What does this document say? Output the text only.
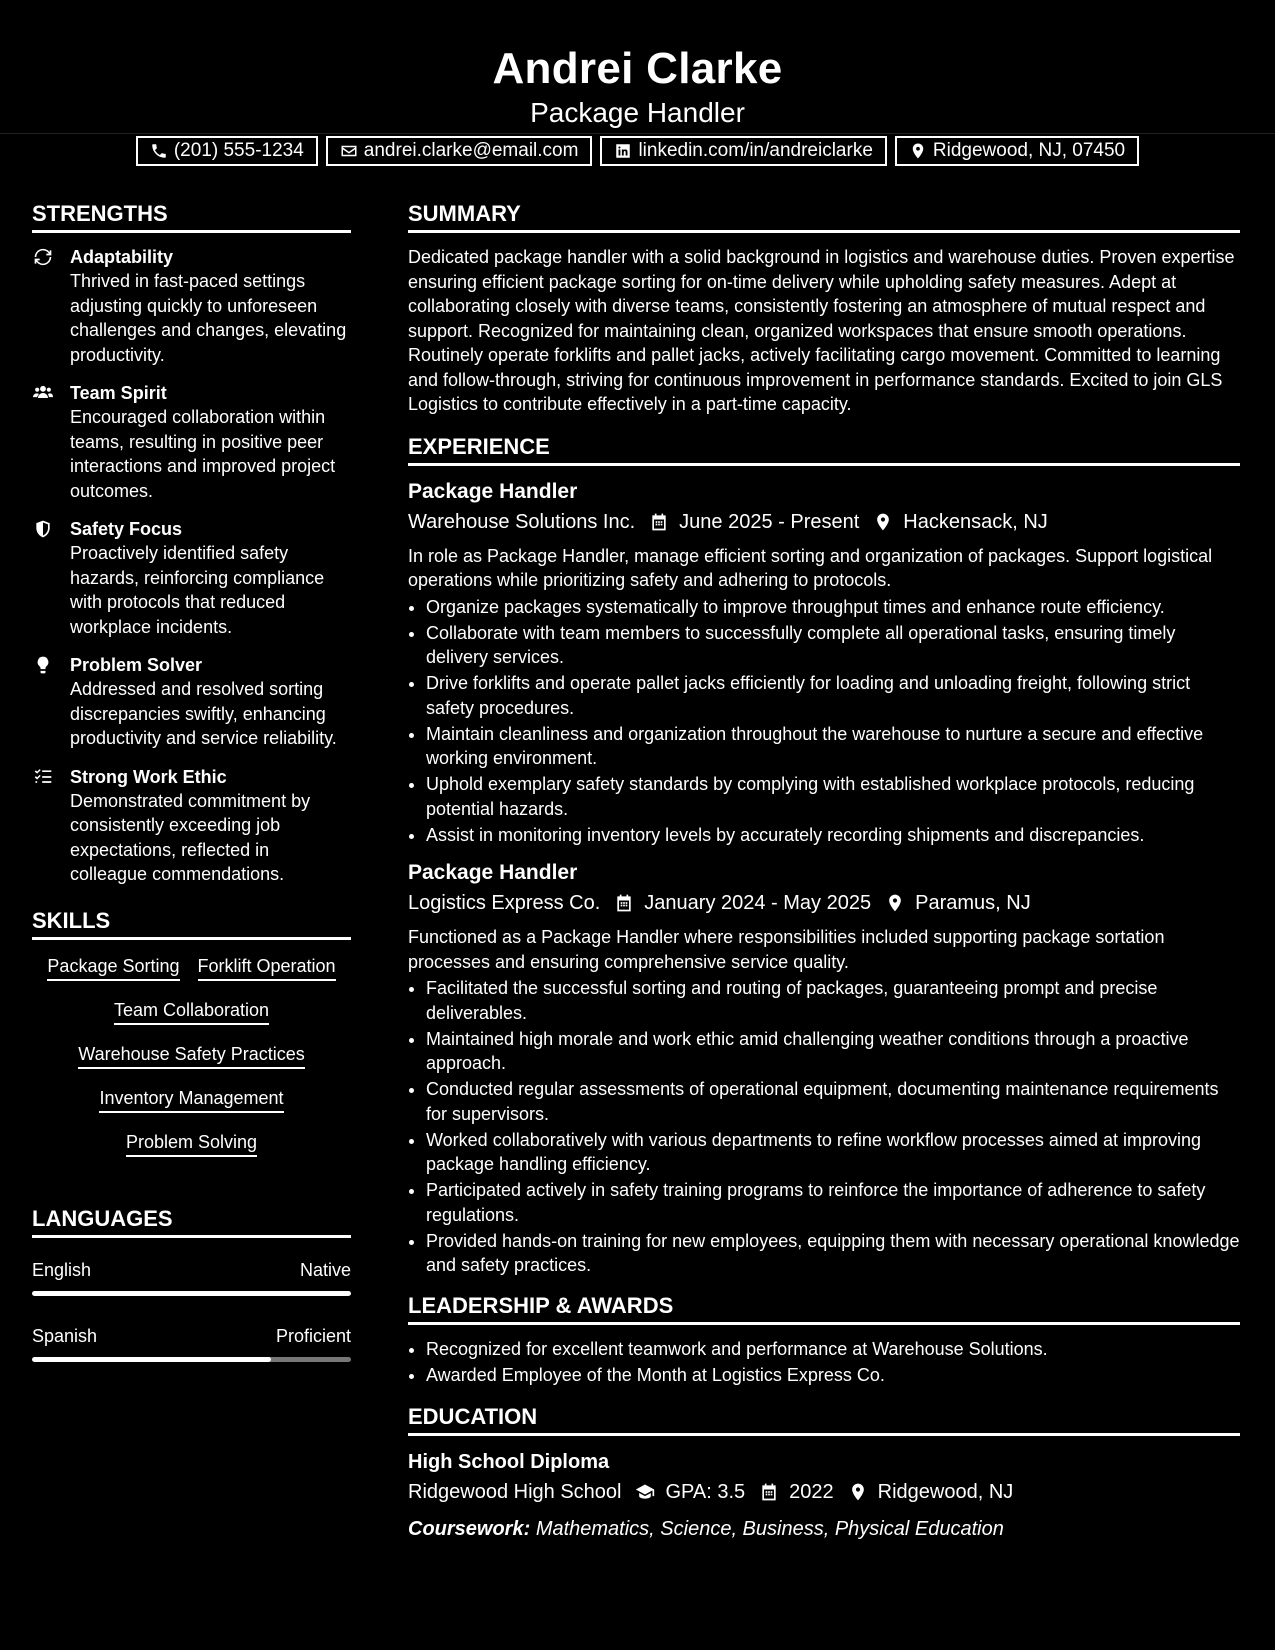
Andrei Clarke
Package Handler
(201) 555-1234	andrei.clarke@email.com	linkedin.com/in/andreiclarke	Ridgewood, NJ, 07450
STRENGTHS
Adaptability
Thrived in fast-paced settings adjusting quickly to unforeseen challenges and changes, elevating productivity.
Team Spirit
Encouraged collaboration within teams, resulting in positive peer interactions and improved project outcomes.
Safety Focus
Proactively identified safety hazards, reinforcing compliance with protocols that reduced workplace incidents.
Problem Solver
Addressed and resolved sorting discrepancies swiftly, enhancing productivity and service reliability.
Strong Work Ethic
Demonstrated commitment by consistently exceeding job expectations, reflected in colleague commendations.
SKILLS
Package Sorting Forklift Operation
Team Collaboration
Warehouse Safety Practices
Inventory Management
Problem Solving
LANGUAGES
English	Native
Spanish	Proficient
SUMMARY
Dedicated package handler with a solid background in logistics and warehouse duties. Proven expertise ensuring efficient package sorting for on-time delivery while upholding safety measures. Adept at collaborating closely with diverse teams, consistently fostering an atmosphere of mutual respect and support. Recognized for maintaining clean, organized workspaces that ensure smooth operations. Routinely operate forklifts and pallet jacks, actively facilitating cargo movement. Committed to learning and follow-through, striving for continuous improvement in performance standards. Excited to join GLS Logistics to contribute effectively in a part-time capacity.
EXPERIENCE
Package Handler
Warehouse Solutions Inc. June 2025 - Present Hackensack, NJ
In role as Package Handler, manage efficient sorting and organization of packages. Support logistical operations while prioritizing safety and adhering to protocols.
• Organize packages systematically to improve throughput times and enhance route efficiency.
• Collaborate with team members to successfully complete all operational tasks, ensuring timely delivery services.
• Drive forklifts and operate pallet jacks efficiently for loading and unloading freight, following strict safety procedures.
• Maintain cleanliness and organization throughout the warehouse to nurture a secure and effective working environment.
• Uphold exemplary safety standards by complying with established workplace protocols, reducing potential hazards.
• Assist in monitoring inventory levels by accurately recording shipments and discrepancies.
Package Handler
Logistics Express Co. January 2024 - May 2025 Paramus, NJ
Functioned as a Package Handler where responsibilities included supporting package sortation processes and ensuring comprehensive service quality.
• Facilitated the successful sorting and routing of packages, guaranteeing prompt and precise deliverables.
• Maintained high morale and work ethic amid challenging weather conditions through a proactive approach.
• Conducted regular assessments of operational equipment, documenting maintenance requirements for supervisors.
• Worked collaboratively with various departments to refine workflow processes aimed at improving package handling efficiency.
• Participated actively in safety training programs to reinforce the importance of adherence to safety regulations.
• Provided hands-on training for new employees, equipping them with necessary operational knowledge and safety practices.
LEADERSHIP & AWARDS
• Recognized for excellent teamwork and performance at Warehouse Solutions.
• Awarded Employee of the Month at Logistics Express Co.
EDUCATION
High School Diploma
Ridgewood High School GPA: 3.5 2022 Ridgewood, NJ
Coursework: Mathematics, Science, Business, Physical Education
